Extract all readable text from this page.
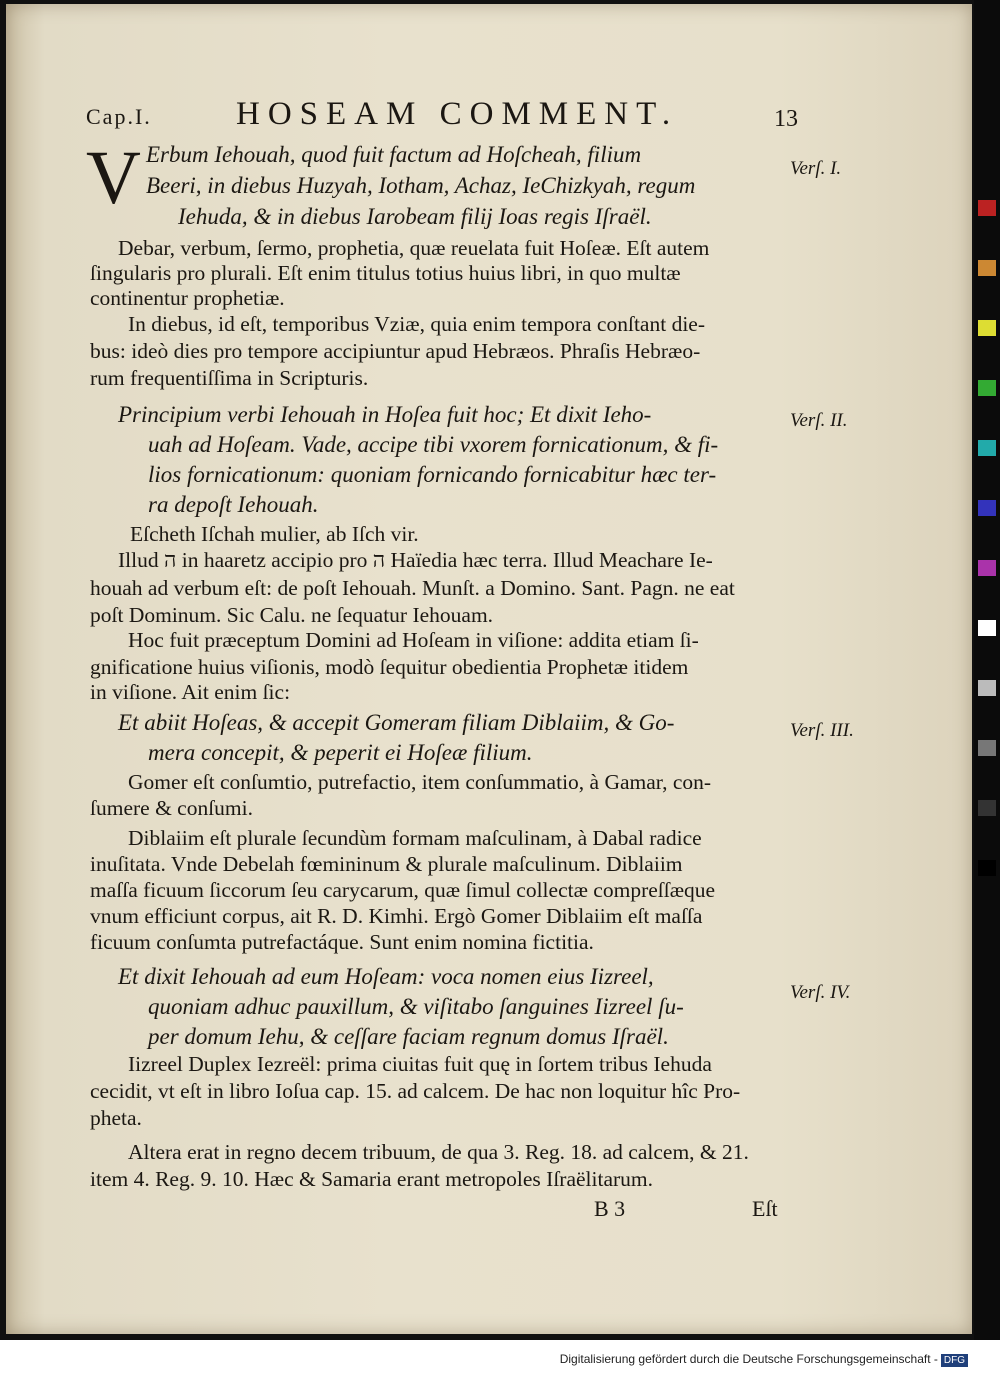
Cap.I.	HOSEAM COMMENT.	13
V Erbum Iehouah, quod fuit factum ad Hoſcheah, filium
Beeri, in diebus Huzyah, Iotham, Achaz, IeChizkyah, regum
Iehuda, & in diebus Iarobeam filij Ioas regis Iſraël.
Verſ. I.
Debar, verbum, ſermo, prophetia, quæ reuelata fuit Hoſeæ. Eſt autem
ſingularis pro plurali. Eſt enim titulus totius huius libri, in quo multæ
continentur prophetiæ.
In diebus, id eſt, temporibus Vziæ, quia enim tempora conſtant die-
bus: ideò dies pro tempore accipiuntur apud Hebræos. Phraſis Hebræo-
rum frequentiſſima in Scripturis.
Principium verbi Iehouah in Hoſea fuit hoc; Et dixit Ieho-
uah ad Hoſeam. Vade, accipe tibi vxorem fornicationum, & fi-
lios fornicationum: quoniam fornicando fornicabitur hæc ter-
ra depoſt Iehouah.
Verſ. II.
Eſcheth Iſchah mulier, ab Iſch vir.
Illud ה in haaretz accipio pro ה Haïedia hæc terra. Illud Meachare Ie-
houah ad verbum eſt: de poſt Iehouah. Munſt. a Domino. Sant. Pagn. ne eat
poſt Dominum. Sic Calu. ne ſequatur Iehouam.
Hoc fuit præceptum Domini ad Hoſeam in viſione: addita etiam ſi-
gnificatione huius viſionis, modò ſequitur obedientia Prophetæ itidem
in viſione. Ait enim ſic:
Et abiit Hoſeas, & accepit Gomeram filiam Diblaiim, & Go-
mera concepit, & peperit ei Hoſeæ filium.
Verſ. III.
Gomer eſt conſumtio, putrefactio, item conſummatio, à Gamar, con-
ſumere & conſumi.
Diblaiim eſt plurale ſecundùm formam maſculinam, à Dabal radice
inuſitata. Vnde Debelah fœmininum & plurale maſculinum. Diblaiim
maſſa ficuum ſiccorum ſeu carycarum, quæ ſimul collectæ compreſſæque
vnum efficiunt corpus, ait R. D. Kimhi. Ergò Gomer Diblaiim eſt maſſa
ficuum conſumta putrefactáque. Sunt enim nomina fictitia.
Et dixit Iehouah ad eum Hoſeam: voca nomen eius Iizreel,
quoniam adhuc pauxillum, & viſitabo ſanguines Iizreel ſu-
per domum Iehu, & ceſſare faciam regnum domus Iſraël.
Verſ. IV.
Iizreel Duplex Iezreël: prima ciuitas fuit quę in ſortem tribus Iehuda
cecidit, vt eſt in libro Ioſua cap. 15. ad calcem. De hac non loquitur hîc Pro-
pheta.
Altera erat in regno decem tribuum, de qua 3. Reg. 18. ad calcem, & 21.
item 4. Reg. 9. 10. Hæc & Samaria erant metropoles Iſraëlitarum.
B 3	Eſt
Digitalisierung gefördert durch die Deutsche Forschungsgemeinschaft - DFG
